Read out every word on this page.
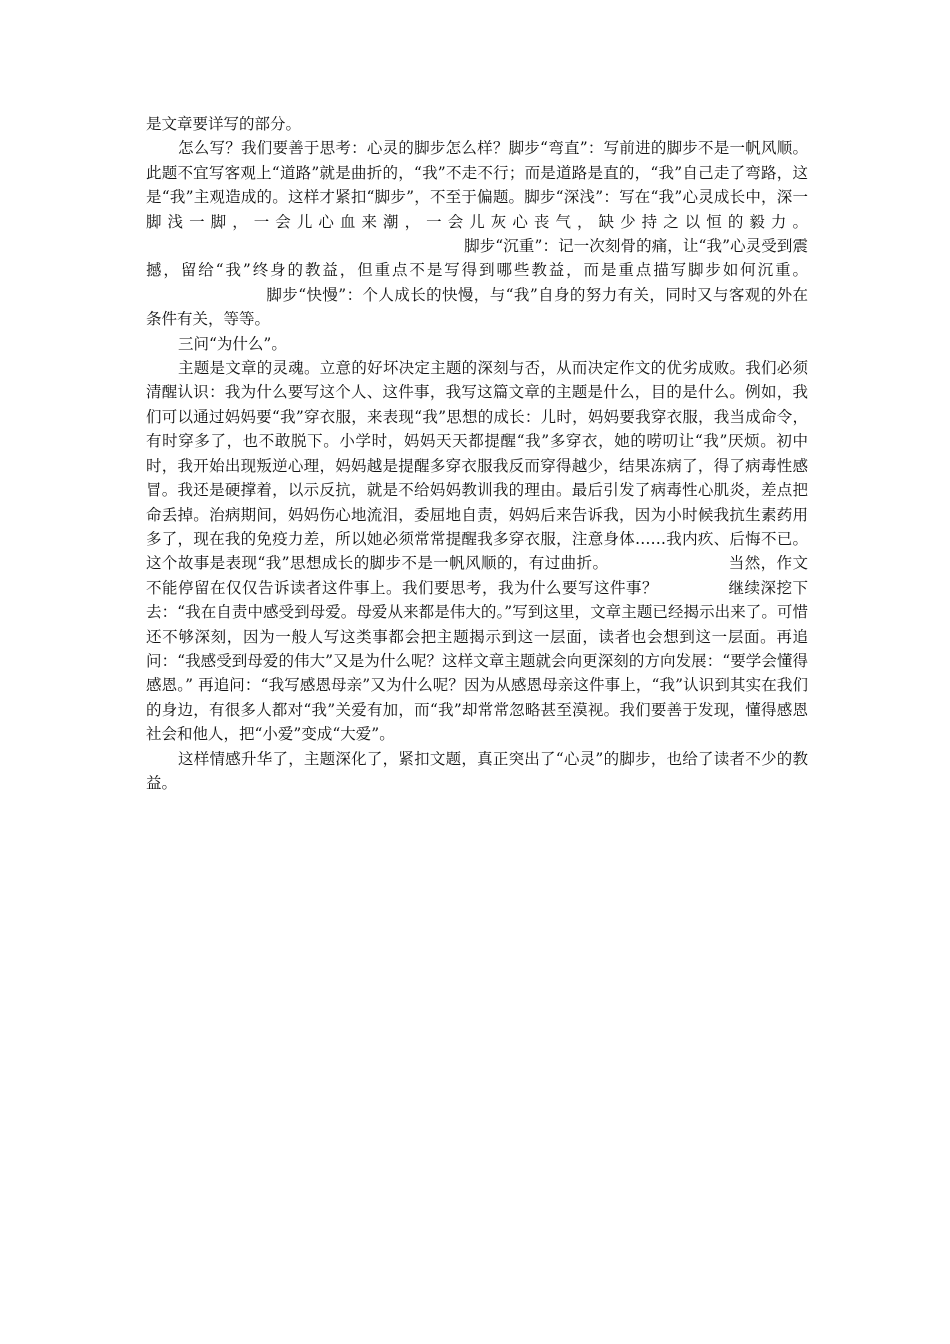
是文章要详写的部分。

怎么写？我们要善于思考：心灵的脚步怎么样？脚步“弯直”：写前进的脚步不是一帆风顺。此题不宜写客观上“道路”就是曲折的，“我”不走不行；而是道路是直的，“我”自己走了弯路，这是“我”主观造成的。这样才紧扣“脚步”，不至于偏题。脚步“深浅”：写在“我”心灵成长中，深一脚浅一脚，一会儿心血来潮，一会儿灰心丧气，缺少持之以恒的毅力。脚步“沉重”：记一次刻骨的痛，让“我”心灵受到震撼，留给“我”终身的教益，但重点不是写得到哪些教益，而是重点描写脚步如何沉重。脚步“快慢”：个人成长的快慢，与“我”自身的努力有关，同时又与客观的外在条件有关，等等。

三问“为什么”。

主题是文章的灵魂。立意的好坏决定主题的深刻与否，从而决定作文的优劣成败。我们必须清醒认识：我为什么要写这个人、这件事，我写这篇文章的主题是什么，目的是什么。例如，我们可以通过妈妈要“我”穿衣服，来表现“我”思想的成长：儿时，妈妈要我穿衣服，我当成命令，有时穿多了，也不敢脱下。小学时，妈妈天天都提醒“我”多穿衣，她的唠叨让“我”厌烦。初中时，我开始出现叛逆心理，妈妈越是提醒多穿衣服我反而穿得越少，结果冻病了，得了病毒性感冒。我还是硬撑着，以示反抗，就是不给妈妈教训我的理由。最后引发了病毒性心肌炎，差点把命丢掉。治病期间，妈妈伤心地流泪，委屈地自责，妈妈后来告诉我，因为小时候我抗生素药用多了，现在我的免疫力差，所以她必须常常提醒我多穿衣服，注意身体……我内疚、后悔不已。这个故事是表现“我”思想成长的脚步不是一帆风顺的，有过曲折。	当然，作文不能停留在仅仅告诉读者这件事上。我们要思考，我为什么要写这件事？	继续深挖下去：“我在自责中感受到母爱。母爱从来都是伟大的。”写到这里，文章主题已经揭示出来了。可惜还不够深刻，因为一般人写这类事都会把主题揭示到这一层面，读者也会想到这一层面。再追问：“我感受到母爱的伟大”又是为什么呢？这样文章主题就会向更深刻的方向发展：“要学会懂得感恩。” 再追问：“我写感恩母亲”又为什么呢？因为从感恩母亲这件事上，“我”认识到其实在我们的身边，有很多人都对“我”关爱有加，而“我”却常常忽略甚至漠视。我们要善于发现，懂得感恩社会和他人，把“小爱”变成“大爱”。

这样情感升华了，主题深化了，紧扣文题，真正突出了“心灵”的脚步，也给了读者不少的教益。
